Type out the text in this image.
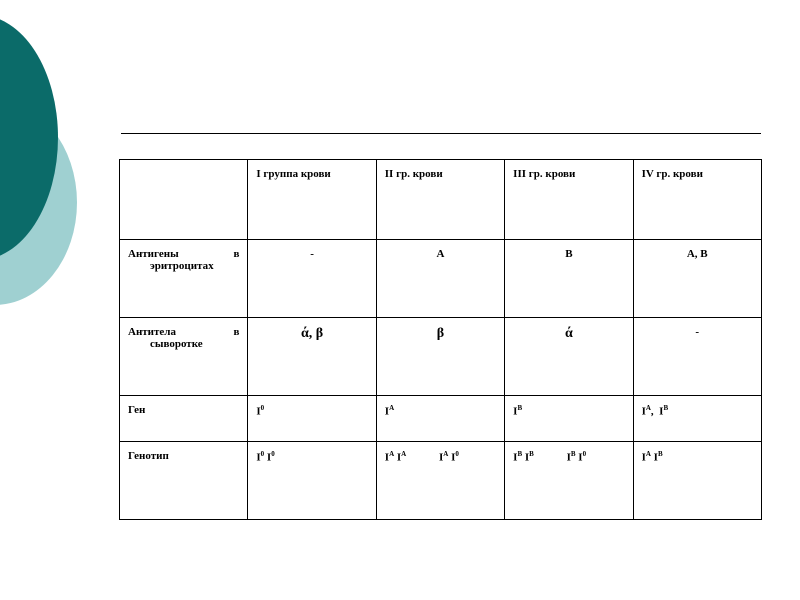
	I группа крови	II гр. крови	III гр. крови	IV гр. крови

Антигены в
эритроцитах	-	А	В	А, В

Антитела в
сыворотке	ά, β	β	ά	-
Ген	$I^0$	$I^A$	$I^B$	$I^A$,  $I^B$
Генотип	$I^0$ $I^0$	$I^A$ $I^A$ $I^A$ $I^0$	$I^B$ $I^B$ $I^B$ $I^0$	$I^A$ $I^B$
